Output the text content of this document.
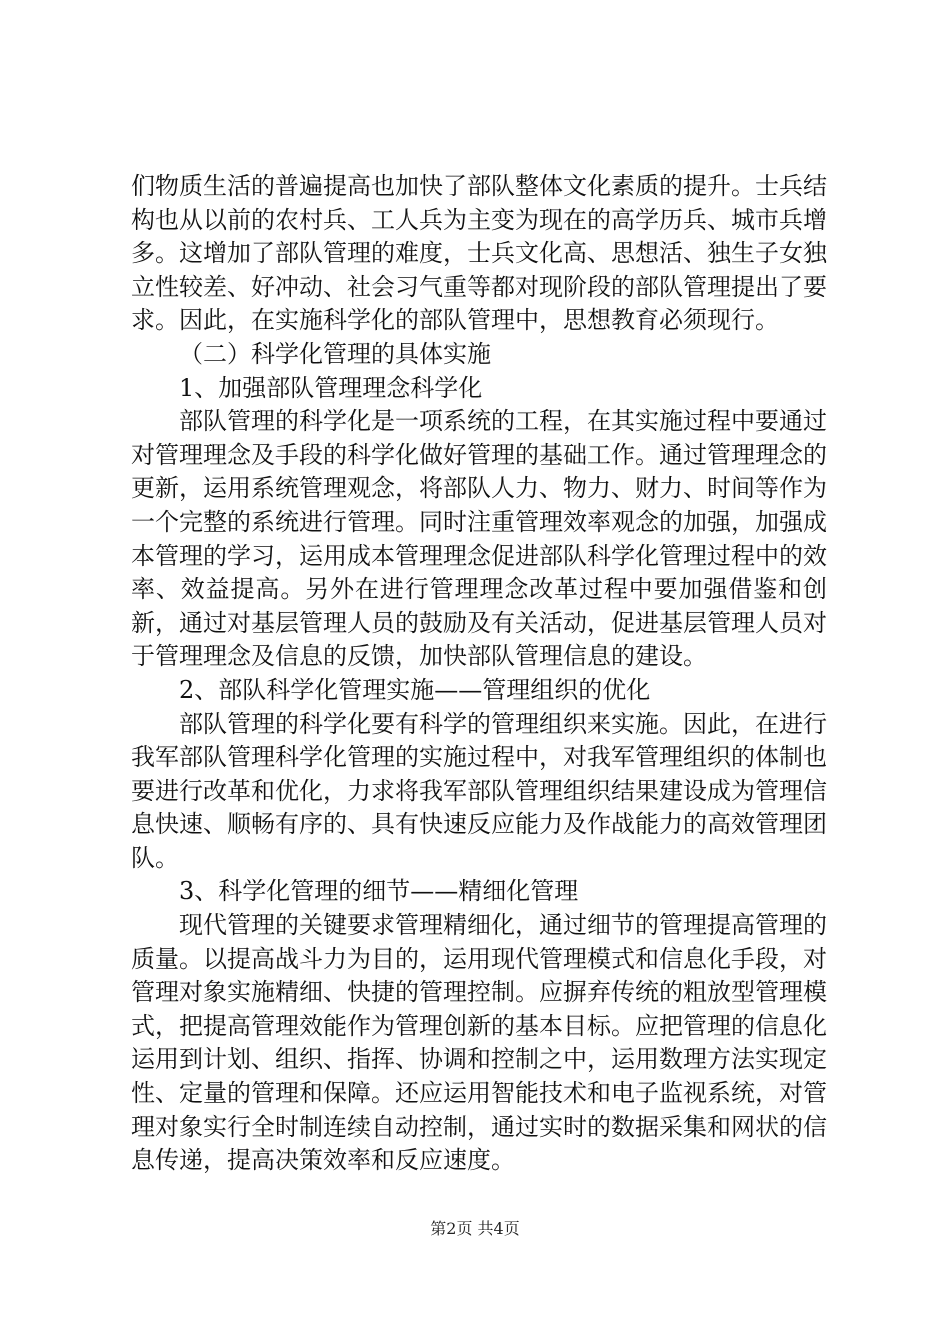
们物质生活的普遍提高也加快了部队整体文化素质的提升。士兵结构也从以前的农村兵、工人兵为主变为现在的高学历兵、城市兵增多。这增加了部队管理的难度，士兵文化高、思想活、独生子女独立性较差、好冲动、社会习气重等都对现阶段的部队管理提出了要求。因此，在实施科学化的部队管理中，思想教育必须现行。

（二）科学化管理的具体实施

1、加强部队管理理念科学化

部队管理的科学化是一项系统的工程，在其实施过程中要通过对管理理念及手段的科学化做好管理的基础工作。通过管理理念的更新，运用系统管理观念，将部队人力、物力、财力、时间等作为一个完整的系统进行管理。同时注重管理效率观念的加强，加强成本管理的学习，运用成本管理理念促进部队科学化管理过程中的效率、效益提高。另外在进行管理理念改革过程中要加强借鉴和创新，通过对基层管理人员的鼓励及有关活动，促进基层管理人员对于管理理念及信息的反馈，加快部队管理信息的建设。

2、部队科学化管理实施——管理组织的优化

部队管理的科学化要有科学的管理组织来实施。因此，在进行我军部队管理科学化管理的实施过程中，对我军管理组织的体制也要进行改革和优化，力求将我军部队管理组织结果建设成为管理信息快速、顺畅有序的、具有快速反应能力及作战能力的高效管理团队。

3、科学化管理的细节——精细化管理

现代管理的关键要求管理精细化，通过细节的管理提高管理的质量。以提高战斗力为目的，运用现代管理模式和信息化手段，对管理对象实施精细、快捷的管理控制。应摒弃传统的粗放型管理模式，把提高管理效能作为管理创新的基本目标。应把管理的信息化运用到计划、组织、指挥、协调和控制之中，运用数理方法实现定性、定量的管理和保障。还应运用智能技术和电子监视系统，对管理对象实行全时制连续自动控制，通过实时的数据采集和网状的信息传递，提高决策效率和反应速度。

第2页 共4页
